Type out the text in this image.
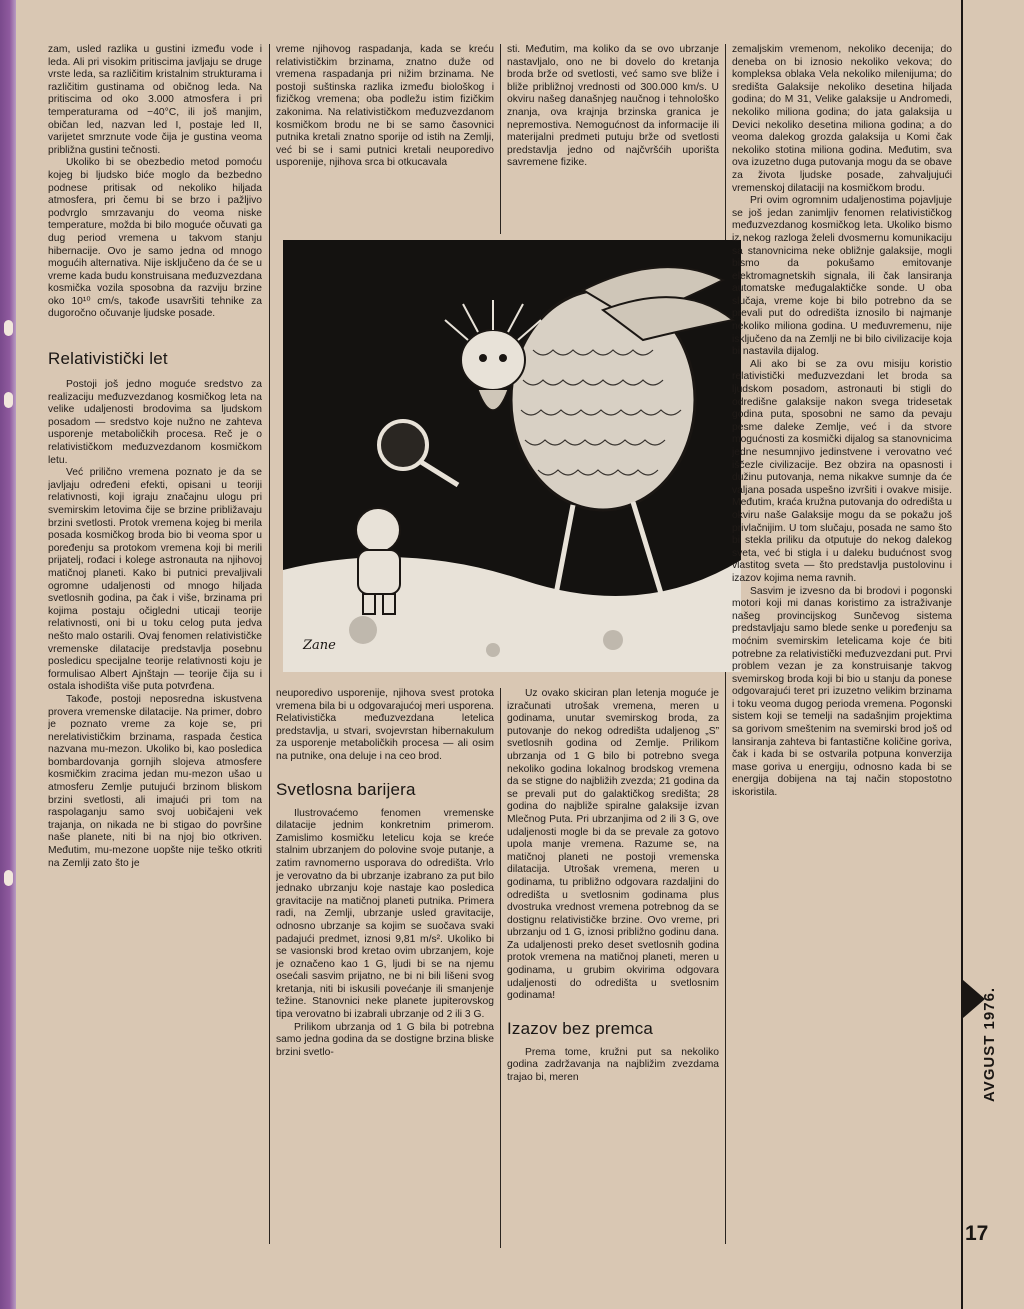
zam, usled razlika u gustini između vode i leda. Ali pri visokim pritiscima javljaju se druge vrste leda, sa različitim kristalnim strukturama i različitim gustinama od običnog leda. Na pritiscima od oko 3.000 atmosfera i pri temperaturama od −40°C, ili još manjim, običan led, nazvan led I, postaje led II, varijetet smrznute vode čija je gustina veoma približna gustini tečnosti.

Ukoliko bi se obezbedio metod pomoću kojeg bi ljudsko biće moglo da bezbedno podnese pritisak od nekoliko hiljada atmosfera, pri čemu bi se brzo i pažljivo podvrglo smrzavanju do veoma niske temperature, možda bi bilo moguće očuvati ga dug period vremena u takvom stanju hibernacije. Ovo je samo jedna od mnogo mogućih alternativa. Nije isključeno da će se u vreme kada budu konstruisana međuzvezdana kosmička vozila sposobna da razviju brzine oko 10¹⁰ cm/s, takođe usavršiti tehnike za dugoročno očuvanje ljudske posade.

Relativistički let

Postoji još jedno moguće sredstvo za realizaciju međuzvezdanog kosmičkog leta na velike udaljenosti brodovima sa ljudskom posadom — sredstvo koje nužno ne zahteva usporenje metaboličkih procesa. Reč je o relativističkom međuzvezdanom kosmičkom letu.

Već prilično vremena poznato je da se javljaju određeni efekti, opisani u teoriji relativnosti, koji igraju značajnu ulogu pri svemirskim letovima čije se brzine približavaju brzini svetlosti. Protok vremena kojeg bi merila posada kosmičkog broda bio bi veoma spor u poređenju sa protokom vremena koji bi merili prijatelj, rođaci i kolege astronauta na njihovoj matičnoj planeti. Kako bi putnici prevaljivali ogromne udaljenosti od mnogo hiljada svetlosnih godina, pa čak i više, brzinama pri kojima postaju očigledni uticaji teorije relativnosti, oni bi u toku celog puta jedva nešto malo ostarili. Ovaj fenomen relativističke vremenske dilatacije predstavlja posebnu posledicu specijalne teorije relativnosti koju je formulisao Albert Ajnštajn — teorije čija su i ostala ishodišta više puta potvrđena.

Takođe, postoji neposredna iskustvena provera vremenske dilatacije. Na primer, dobro je poznato vreme za koje se, pri nerelativističkim brzinama, raspada čestica nazvana mu-mezon. Ukoliko bi, kao posledica bombardovanja gornjih slojeva atmosfere kosmičkim zracima jedan mu-mezon ušao u atmosferu Zemlje putujući brzinom bliskom brzini svetlosti, ali imajući pri tom na raspolaganju samo svoj uobičajeni vek trajanja, on nikada ne bi stigao do površine naše planete, niti bi na njoj bio otkriven. Međutim, mu-mezone uopšte nije teško otkriti na Zemlji zato što je

vreme njihovog raspadanja, kada se kreću relativističkim brzinama, znatno duže od vremena raspadanja pri nižim brzinama. Ne postoji suštinska razlika između biološkog i fizičkog vremena; oba podležu istim fizičkim zakonima. Na relativističkom međuzvezdanom kosmičkom brodu ne bi se samo časovnici putnika kretali znatno sporije od istih na Zemlji, već bi se i sami putnici kretali neuporedivo usporenije, njihova srca bi otkucavala

sti. Međutim, ma koliko da se ovo ubrzanje nastavljalo, ono ne bi dovelo do kretanja broda brže od svetlosti, već samo sve bliže i bliže približnoj vrednosti od 300.000 km/s. U okviru našeg današnjeg naučnog i tehnološko znanja, ova krajnja brzinska granica je nepremostiva. Nemogućnost da informacije ili materijalni predmeti putuju brže od svetlosti predstavlja jedno od najčvršćih uporišta savremene fizike.

Zane

neuporedivo usporenije, njihova svest protoka vremena bila bi u odgovarajućoj meri usporena. Relativistička međuzvezdana letelica predstavlja, u stvari, svojevrstan hibernakulum za usporenje metaboličkih procesa — ali osim na putnike, ona deluje i na ceo brod.

Svetlosna barijera

Ilustrovaćemo fenomen vremenske dilatacije jednim konkretnim primerom. Zamislimo kosmičku letelicu koja se kreće stalnim ubrzanjem do polovine svoje putanje, a zatim ravnomerno usporava do odredišta. Vrlo je verovatno da bi ubrzanje izabrano za put bilo jednako ubrzanju koje nastaje kao posledica gravitacije na matičnoj planeti putnika. Primera radi, na Zemlji, ubrzanje usled gravitacije, odnosno ubrzanje sa kojim se suočava svaki padajući predmet, iznosi 9,81 m/s². Ukoliko bi se vasionski brod kretao ovim ubrzanjem, koje je označeno kao 1 G, ljudi bi se na njemu osećali sasvim prijatno, ne bi ni bili lišeni svog kretanja, niti bi iskusili povećanje ili smanjenje težine. Stanovnici neke planete jupiterovskog tipa verovatno bi izabrali ubrzanje od 2 ili 3 G.

Prilikom ubrzanja od 1 G bila bi potrebna samo jedna godina da se dostigne brzina bliske brzini svetlo-

Uz ovako skiciran plan letenja moguće je izračunati utrošak vremena, meren u godinama, unutar svemirskog broda, za putovanje do nekog odredišta udaljenog „S” svetlosnih godina od Zemlje. Prilikom ubrzanja od 1 G bilo bi potrebno svega nekoliko godina lokalnog brodskog vremena da se stigne do najbližih zvezda; 21 godina da se prevali put do galaktičkog središta; 28 godina do najbliže spiralne galaksije izvan Mlečnog Puta. Pri ubrzanjima od 2 ili 3 G, ove udaljenosti mogle bi da se prevale za gotovo upola manje vremena. Razume se, na matičnoj planeti ne postoji vremenska dilatacija. Utrošak vremena, meren u godinama, tu približno odgovara razdaljini do odredišta u svetlosnim godinama plus dvostruka vrednost vremena potrebnog da se dostignu relativističke brzine. Ovo vreme, pri ubrzanju od 1 G, iznosi približno godinu dana. Za udaljenosti preko deset svetlosnih godina protok vremena na matičnoj planeti, meren u godinama, u grubim okvirima odgovara udaljenosti do odredišta u svetlosnim godinama!

Izazov bez premca

Prema tome, kružni put sa nekoliko godina zadržavanja na najbližim zvezdama trajao bi, meren

zemaljskim vremenom, nekoliko decenija; do deneba on bi iznosio nekoliko vekova; do kompleksa oblaka Vela nekoliko milenijuma; do središta Galaksije nekoliko desetina hiljada godina; do M 31, Velike galaksije u Andromedi, nekoliko miliona godina; do jata galaksija u Devici nekoliko desetina miliona godina; a do veoma dalekog grozda galaksija u Komi čak nekoliko stotina miliona godina. Međutim, sva ova izuzetno duga putovanja mogu da se obave za života ljudske posade, zahvaljujući vremenskoj dilataciji na kosmičkom brodu.

Pri ovim ogromnim udaljenostima pojavljuje se još jedan zanimljiv fenomen relativističkog međuzvezdanog kosmičkog leta. Ukoliko bismo iz nekog razloga želeli dvosmernu komunikaciju sa stanovnicima neke obližnje galaksije, mogli bismo da pokušamo emitovanje elektromagnetskih signala, ili čak lansiranja automatske međugalaktičke sonde. U oba slučaja, vreme koje bi bilo potrebno da se prevali put do odredišta iznosilo bi najmanje nekoliko miliona godina. U međuvremenu, nije isključeno da na Zemlji ne bi bilo civilizacije koja bi nastavila dijalog.

Ali ako bi se za ovu misiju koristio relativistički međuzvezdani let broda sa ljudskom posadom, astronauti bi stigli do odredišne galaksije nakon svega tridesetak godina puta, sposobni ne samo da pevaju pesme daleke Zemlje, već i da stvore mogućnosti za kosmički dijalog sa stanovnicima jedne nesumnjivo jedinstvene i verovatno već iščezle civilizacije. Bez obzira na opasnosti i dužinu putovanja, nema nikakve sumnje da će valjana posada uspešno izvršiti i ovakve misije. Međutim, kraća kružna putovanja do odredišta u okviru naše Galaksije mogu da se pokažu još privlačnijim. U tom slučaju, posada ne samo što bi stekla priliku da otputuje do nekog dalekog sveta, već bi stigla i u daleku budućnost svog vlastitog sveta — što predstavlja pustolovinu i izazov kojima nema ravnih.

Sasvim je izvesno da bi brodovi i pogonski motori koji mi danas koristimo za istraživanje našeg provincijskog Sunčevog sistema predstavljaju samo blede senke u poređenju sa moćnim svemirskim letelicama koje će biti potrebne za relativistički međuzvezdani put. Prvi problem vezan je za konstruisanje takvog svemirskog broda koji bi bio u stanju da ponese odgovarajući teret pri izuzetno velikim brzinama i toku veoma dugog perioda vremena. Pogonski sistem koji se temelji na sadašnjim projektima sa gorivom smeštenim na svemirski brod još od lansiranja zahteva bi fantastične količine goriva, čak i kada bi se ostvarila potpuna konverzija mase goriva u energiju, odnosno kada bi se energija dobijena na taj način stopostotno iskoristila.

AVGUST 1976.
17
